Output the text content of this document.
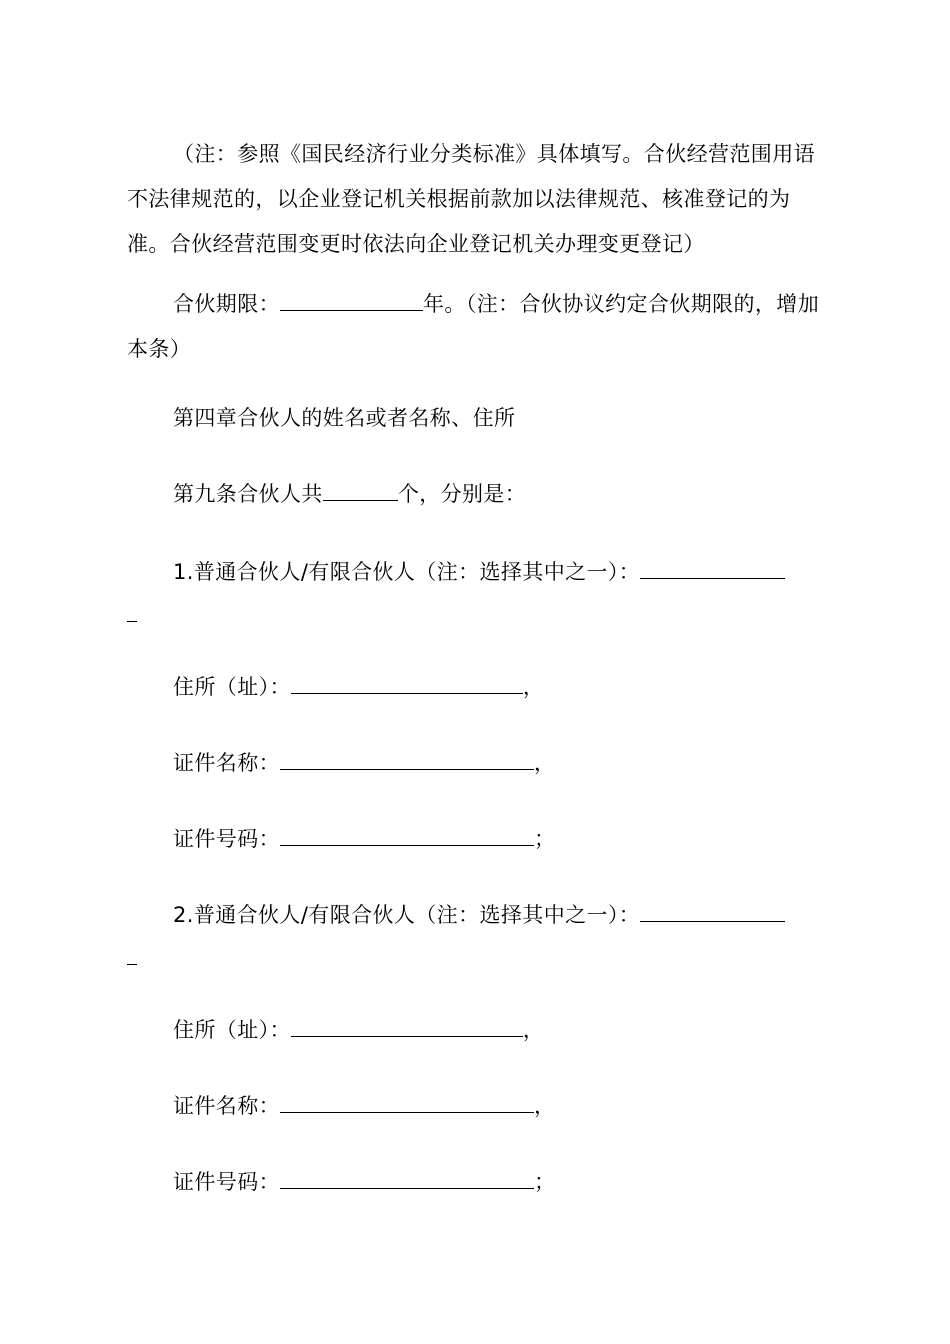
（注：参照《国民经济行业分类标准》具体填写。合伙经营范围用语不法律规范的，以企业登记机关根据前款加以法律规范、核准登记的为准。合伙经营范围变更时依法向企业登记机关办理变更登记）
合伙期限：	年。（注：合伙协议约定合伙期限的，增加本条）
第四章合伙人的姓名或者名称、住所
第九条合伙人共	个，分别是：
1.普通合伙人/有限合伙人（注：选择其中之一）：
住所（址）：	，
证件名称：	，
证件号码：	；
2.普通合伙人/有限合伙人（注：选择其中之一）：
住所（址）：	，
证件名称：	，
证件号码：	；
